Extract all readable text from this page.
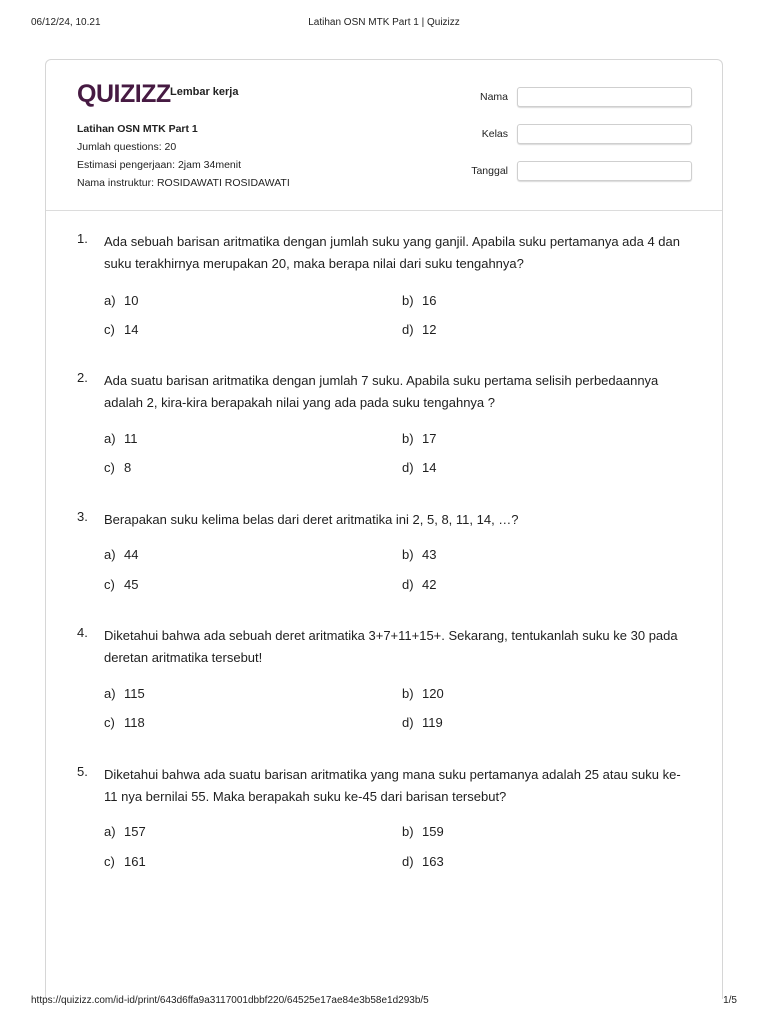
06/12/24, 10.21	Latihan OSN MTK Part 1 | Quizizz
QUIZIZZ Lembar kerja
Latihan OSN MTK Part 1
Jumlah questions: 20
Estimasi pengerjaan: 2jam 34menit
Nama instruktur: ROSIDAWATI ROSIDAWATI
Nama
Kelas
Tanggal
1. Ada sebuah barisan aritmatika dengan jumlah suku yang ganjil. Apabila suku pertamanya ada 4 dan suku terakhirnya merupakan 20, maka berapa nilai dari suku tengahnya?
a) 10	b) 16
c) 14	d) 12
2. Ada suatu barisan aritmatika dengan jumlah 7 suku. Apabila suku pertama selisih perbedaannya adalah 2, kira-kira berapakah nilai yang ada pada suku tengahnya ?
a) 11	b) 17
c) 8	d) 14
3. Berapakan suku kelima belas dari deret aritmatika ini 2, 5, 8, 11, 14, …?
a) 44	b) 43
c) 45	d) 42
4. Diketahui bahwa ada sebuah deret aritmatika 3+7+11+15+. Sekarang, tentukanlah suku ke 30 pada deretan aritmatika tersebut!
a) 115	b) 120
c) 118	d) 119
5. Diketahui bahwa ada suatu barisan aritmatika yang mana suku pertamanya adalah 25 atau suku ke-11 nya bernilai 55. Maka berapakah suku ke-45 dari barisan tersebut?
a) 157	b) 159
c) 161	d) 163
https://quizizz.com/id-id/print/643d6ffa9a3117001dbbf220/64525e17ae84e3b58e1d293b/5	1/5
